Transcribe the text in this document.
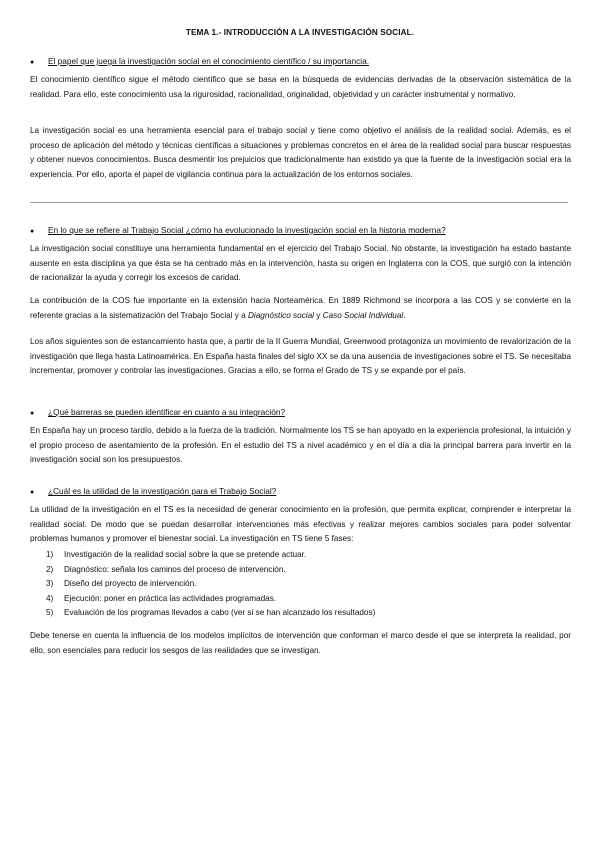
TEMA 1.- INTRODUCCIÓN A LA INVESTIGACIÓN SOCIAL.
● El papel que juega la investigación social en el conocimiento científico / su importancia.

El conocimiento científico sigue el método científico que se basa en la búsqueda de evidencias derivadas de la observación sistemática de la realidad. Para ello, este conocimiento usa la rigurosidad, racionalidad, originalidad, objetividad y un carácter instrumental y normativo.

La investigación social es una herramienta esencial para el trabajo social y tiene como objetivo el análisis de la realidad social. Además, es el proceso de aplicación del método y técnicas científicas a situaciones y problemas concretos en el área de la realidad social para buscar respuestas y obtener nuevos conocimientos. Busca desmentir los prejuicios que tradicionalmente han existido ya que la fuente de la investigación social era la experiencia. Por ello, aporta el papel de vigilancia continua para la actualización de los entornos sociales.

● En lo que se refiere al Trabajo Social ¿cómo ha evolucionado la investigación social en la historia moderna?

La investigación social constituye una herramienta fundamental en el ejercicio del Trabajo Social. No obstante, la investigación ha estado bastante ausente en esta disciplina ya que ésta se ha centrado más en la intervención, hasta su origen en Inglaterra con la COS, que surgió con la intención de racionalizar la ayuda y corregir los excesos de caridad.

La contribución de la COS fue importante en la extensión hacia Norteamérica. En 1889 Richmond se incorpora a las COS y se convierte en la referente gracias a la sistematización del Trabajo Social y a Diagnóstico social y Caso Social Individual.

Los años siguientes son de estancamiento hasta que, a partir de la II Guerra Mundial, Greenwood protagoniza un movimiento de revalorización de la investigación que llega hasta Latinoamérica. En España hasta finales del siglo XX se da una ausencia de investigaciones sobre el TS. Se necesitaba incrementar, promover y controlar las investigaciones. Gracias a ello, se forma el Grado de TS y se expande por el país.

● ¿Qué barreras se pueden identificar en cuanto a su integración?

En España hay un proceso tardío, debido a la fuerza de la tradición. Normalmente los TS se han apoyado en la experiencia profesional, la intuición y el propio proceso de asentamiento de la profesión. En el estudio del TS a nivel académico y en el día a día la principal barrera para invertir en la investigación social son los presupuestos.

● ¿Cuál es la utilidad de la investigación para el Trabajo Social?

La utilidad de la investigación en el TS es la necesidad de generar conocimiento en la profesión, que permita explicar, comprender e interpretar la realidad social. De modo que se puedan desarrollar intervenciones más efectivas y realizar mejores cambios sociales para poder solventar problemas humanos y promover el bienestar social. La investigación en TS tiene 5 fases:

1)	Investigación de la realidad social sobre la que se pretende actuar.
2)	Diagnóstico: señala los caminos del proceso de intervención.
3)	Diseño del proyecto de intervención.
4)	Ejecución: poner en práctica las actividades programadas.
5)	Evaluación de los programas llevados a cabo (ver si se han alcanzado los resultados)

Debe tenerse en cuenta la influencia de los modelos implícitos de intervención que conforman el marco desde el que se interpreta la realidad, por ello, son esenciales para reducir los sesgos de las realidades que se investigan.
